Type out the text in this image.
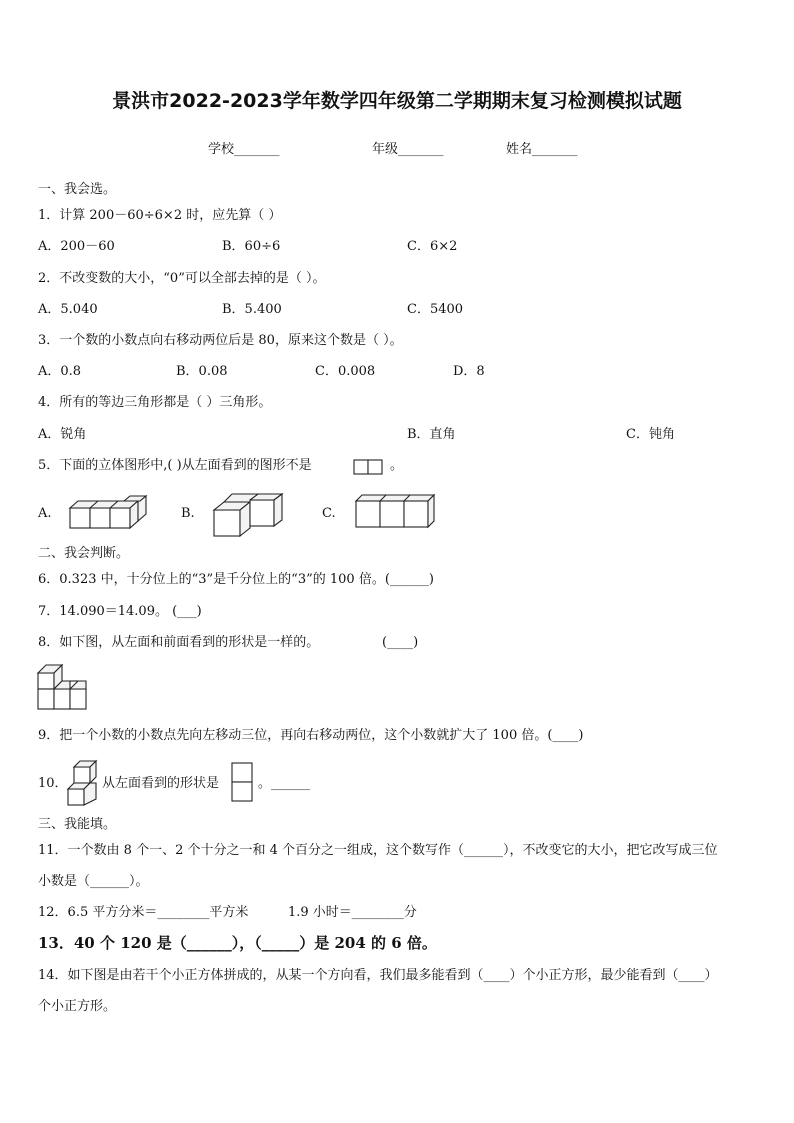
景洪市2022-2023学年数学四年级第二学期期末复习检测模拟试题
学校_______	年级_______	姓名_______
一、我会选。
1．计算 200－60÷6×2 时，应先算（ ）
A．200－60	B．60÷6	C．6×2
2．不改变数的大小，“0”可以全部去掉的是（ ）。
A．5.040	B．5.400	C．5400
3．一个数的小数点向右移动两位后是 80，原来这个数是（ ）。
A．0.8	B．0.08	C．0.008	D．8
4．所有的等边三角形都是（ ）三角形。
A．锐角	B．直角	C．钝角
5．下面的立体图形中,( )从左面看到的图形不是	。
A.	B.	C.
二、我会判断。
6．0.323 中，十分位上的“3”是千分位上的“3”的 100 倍。(______)
7．14.090＝14.09。 (___)
8．如下图，从左面和前面看到的形状是一样的。	(____)
9．把一个小数的小数点先向左移动三位，再向右移动两位，这个小数就扩大了 100 倍。(____)
10．	从左面看到的形状是	。______
三、我能填。
11．一个数由 8 个一、2 个十分之一和 4 个百分之一组成，这个数写作（______），不改变它的大小，把它改写成三位
小数是（______）。
12．6.5 平方分米＝________平方米	1.9 小时＝________分
13．40 个 120 是（______），（_____）是 204 的 6 倍。
14．如下图是由若干个小正方体拼成的，从某一个方向看，我们最多能看到（____）个小正方形，最少能看到（____）
个小正方形。
